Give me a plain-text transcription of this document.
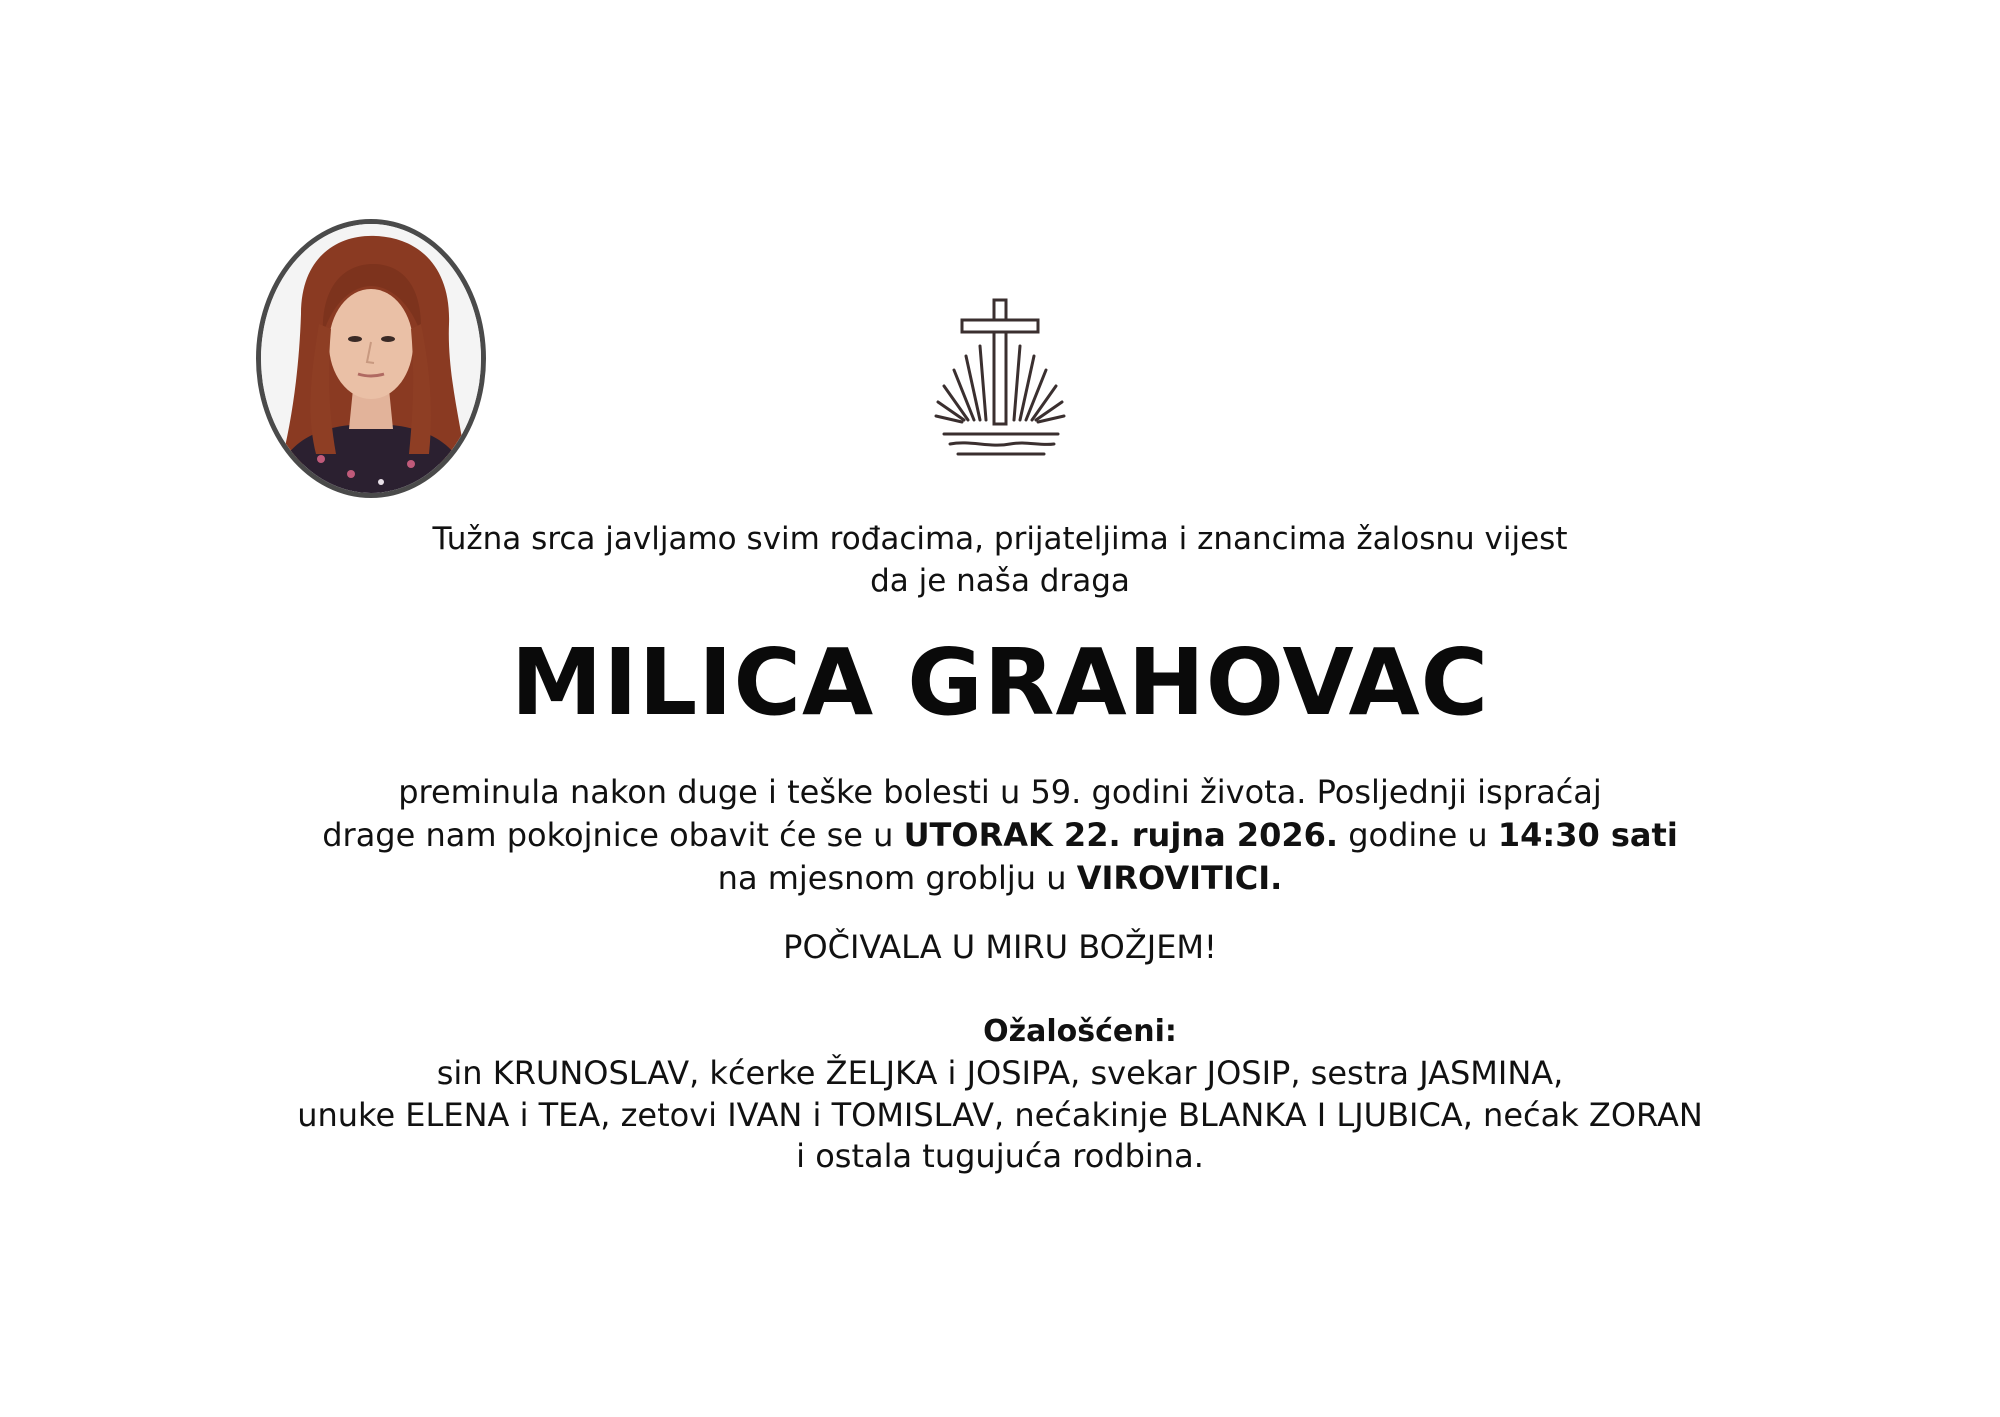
Tužna srca javljamo svim rođacima, prijateljima i znancima žalosnu vijest
da je naša draga
MILICA GRAHOVAC
preminula nakon duge i teške bolesti u 59. godini života. Posljednji ispraćaj
drage nam pokojnice obavit će se u UTORAK 22. rujna 2026. godine u 14:30 sati
na mjesnom groblju u VIROVITICI.
POČIVALA U MIRU BOŽJEM!
Ožalošćeni:
sin KRUNOSLAV, kćerke ŽELJKA i JOSIPA, svekar JOSIP, sestra JASMINA,
unuke ELENA i TEA, zetovi IVAN i TOMISLAV, nećakinje BLANKA I LJUBICA, nećak ZORAN
i ostala tugujuća rodbina.
